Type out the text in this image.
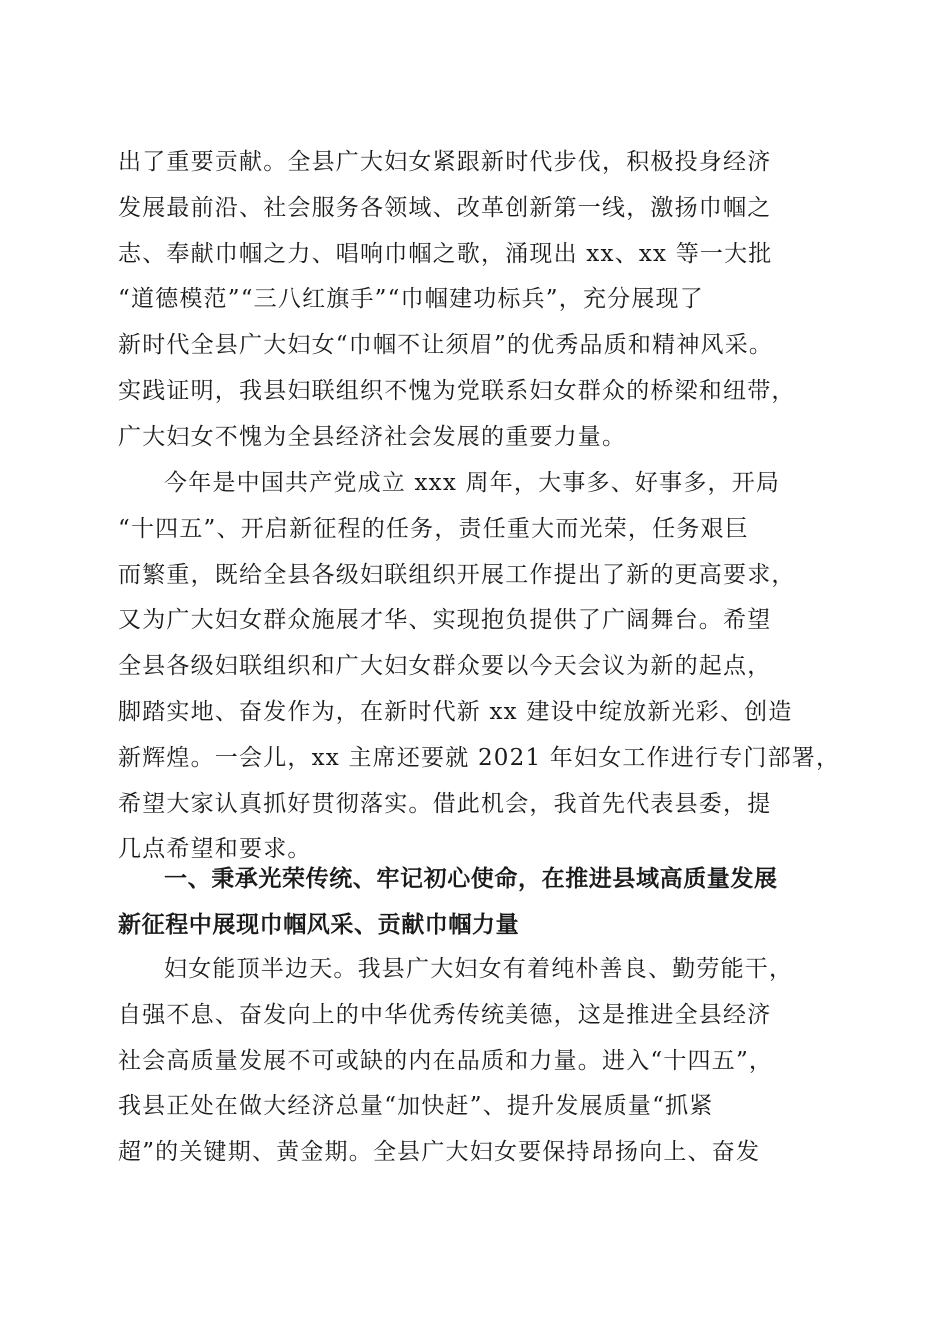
出了重要贡献。全县广大妇女紧跟新时代步伐，积极投身经济
发展最前沿、社会服务各领域、改革创新第一线，激扬巾帼之
志、奉献巾帼之力、唱响巾帼之歌，涌现出 xx、xx 等一大批
“道德模范”“三八红旗手”“巾帼建功标兵”，充分展现了
新时代全县广大妇女“巾帼不让须眉”的优秀品质和精神风采。
实践证明，我县妇联组织不愧为党联系妇女群众的桥梁和纽带，
广大妇女不愧为全县经济社会发展的重要力量。
今年是中国共产党成立 xxx 周年，大事多、好事多，开局
“十四五”、开启新征程的任务，责任重大而光荣，任务艰巨
而繁重，既给全县各级妇联组织开展工作提出了新的更高要求，
又为广大妇女群众施展才华、实现抱负提供了广阔舞台。希望
全县各级妇联组织和广大妇女群众要以今天会议为新的起点，
脚踏实地、奋发作为，在新时代新 xx 建设中绽放新光彩、创造
新辉煌。一会儿，xx 主席还要就 2021 年妇女工作进行专门部署，
希望大家认真抓好贯彻落实。借此机会，我首先代表县委，提
几点希望和要求。
一、秉承光荣传统、牢记初心使命，在推进县域高质量发展
新征程中展现巾帼风采、贡献巾帼力量
妇女能顶半边天。我县广大妇女有着纯朴善良、勤劳能干，
自强不息、奋发向上的中华优秀传统美德，这是推进全县经济
社会高质量发展不可或缺的内在品质和力量。进入“十四五”，
我县正处在做大经济总量“加快赶”、提升发展质量“抓紧
超”的关键期、黄金期。全县广大妇女要保持昂扬向上、奋发
